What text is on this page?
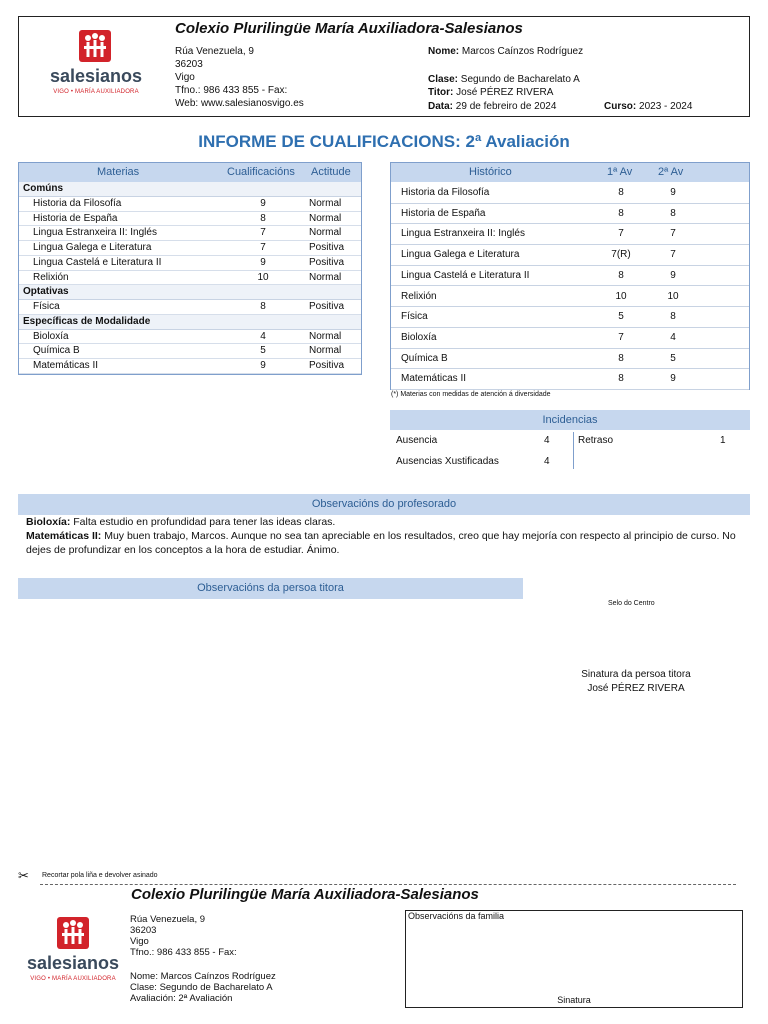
salesianos
VIGO • MARÍA AUXILIADORA
Colexio Plurilingüe María Auxiliadora-Salesianos
Rúa Venezuela, 9
36203
Vigo
Tfno.: 986 433 855 - Fax:
Web: www.salesianosvigo.es
Nome: Marcos Caínzos Rodríguez
Clase: Segundo de Bacharelato A
Titor: José PÉREZ RIVERA
Data: 29 de febreiro de 2024	Curso: 2023 - 2024
INFORME DE CUALIFICACIONS: 2ª Avaliación
Materias	Cualificacións Actitude
Comúns
Historia da Filosofía	9	Normal
Historia de España	8	Normal
Lingua Estranxeira II: Inglés	7	Normal
Lingua Galega e Literatura	7	Positiva
Lingua Castelá e Literatura II	9	Positiva
Relixión	10	Normal
Optativas
Física	8	Positiva
Específicas de Modalidade
Bioloxía	4	Normal
Química B	5	Normal
Matemáticas II	9	Positiva
Histórico	1ª Av 2ª Av
Historia da Filosofía	8	9
Historia de España	8	8
Lingua Estranxeira II: Inglés	7	7
Lingua Galega e Literatura	7(R)	7
Lingua Castelá e Literatura II	8	9
Relixión	10	10
Física	5	8
Bioloxía	7	4
Química B	8	5
Matemáticas II	8	9
(*) Materias con medidas de atención á diversidade
Incidencias
Ausencia	4	Retraso	1
Ausencias Xustificadas	4
Observacións do profesorado
Bioloxía: Falta estudio en profundidad para tener las ideas claras.
Matemáticas II: Muy buen trabajo, Marcos. Aunque no sea tan apreciable en los resultados, creo que hay mejoría con respecto al principio de curso. No dejes de profundizar en los conceptos a la hora de estudiar. Ánimo.
Observacións da persoa titora
Selo do Centro
Sinatura da persoa titora
José PÉREZ RIVERA
✂ Recortar pola liña e devolver asinado
Colexio Plurilingüe María Auxiliadora-Salesianos
salesianos
VIGO • MARÍA AUXILIADORA
Rúa Venezuela, 9
36203
Vigo
Tfno.: 986 433 855 - Fax:
Nome: Marcos Caínzos Rodríguez
Clase: Segundo de Bacharelato A
Avaliación: 2ª Avaliación
Observacións da familia
Sinatura
